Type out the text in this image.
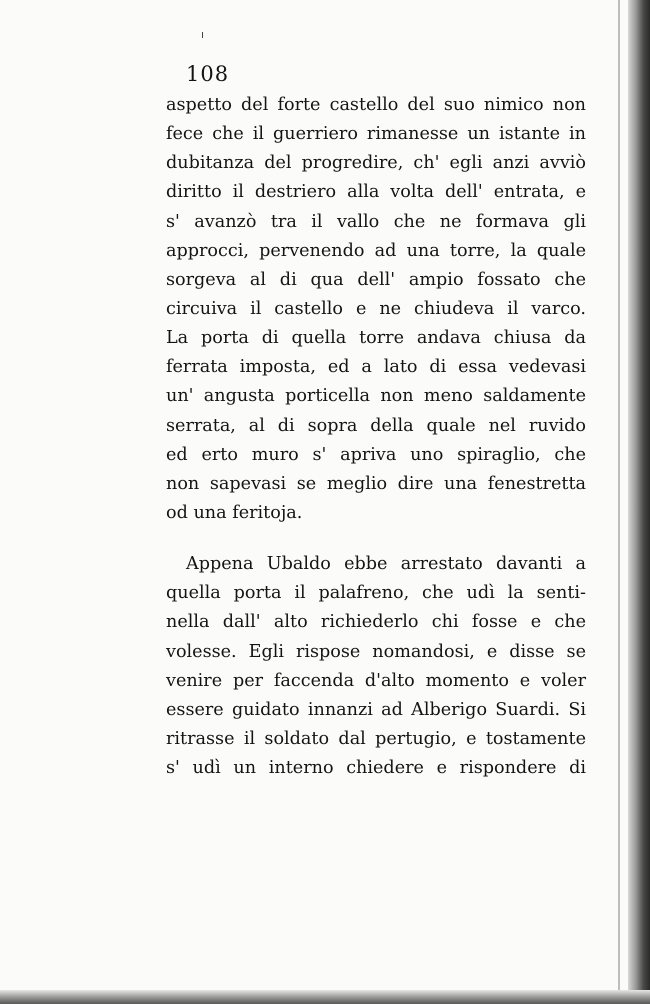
108
aspetto del forte castello del suo nimico non
fece che il guerriero rimanesse un istante in
dubitanza del progredire, ch' egli anzi avviò
diritto il destriero alla volta dell' entrata, e
s' avanzò tra il vallo che ne formava gli
approcci, pervenendo ad una torre, la quale
sorgeva al di qua dell' ampio fossato che
circuiva il castello e ne chiudeva il varco.
La porta di quella torre andava chiusa da
ferrata imposta, ed a lato di essa vedevasi
un' angusta porticella non meno saldamente
serrata, al di sopra della quale nel ruvido
ed erto muro s' apriva uno spiraglio, che
non sapevasi se meglio dire una fenestretta
od una feritoja.
Appena Ubaldo ebbe arrestato davanti a
quella porta il palafreno, che udì la senti-
nella dall' alto richiederlo chi fosse e che
volesse. Egli rispose nomandosi, e disse se
venire per faccenda d'alto momento e voler
essere guidato innanzi ad Alberigo Suardi. Si
ritrasse il soldato dal pertugio, e tostamente
s' udì un interno chiedere e rispondere di
